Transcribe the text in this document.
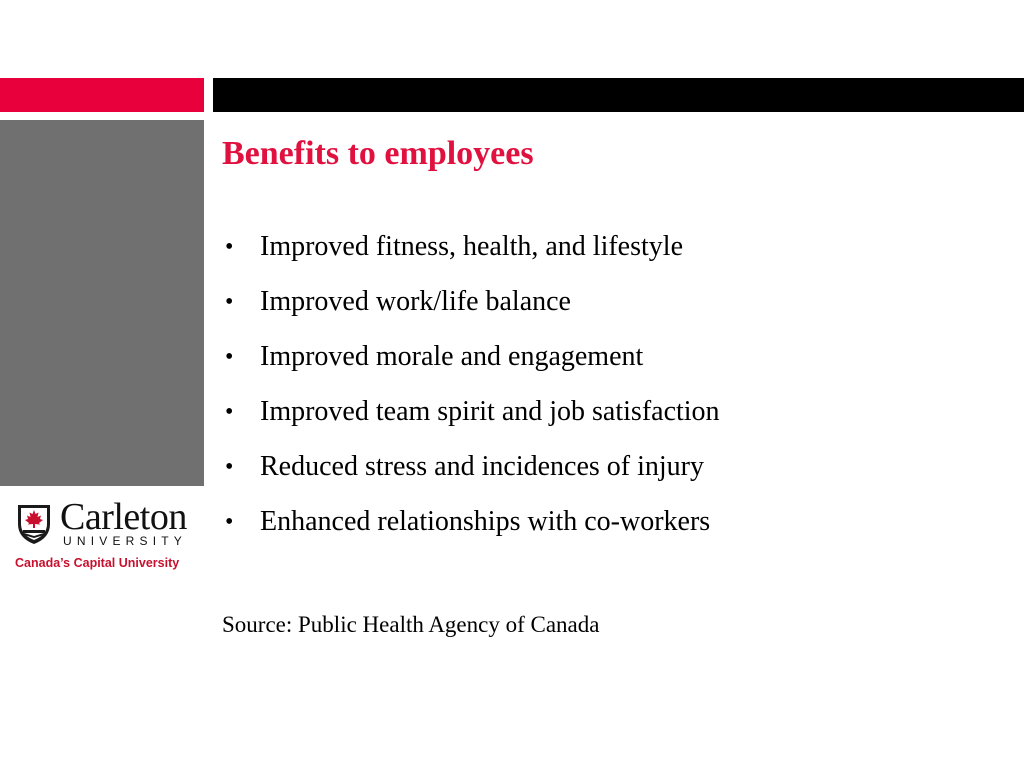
Benefits to employees
• Improved fitness, health, and lifestyle
• Improved work/life balance
• Improved morale and engagement
• Improved team spirit and job satisfaction
• Reduced stress and incidences of injury
• Enhanced relationships with co-workers

Source: Public Health Agency of Canada

Carleton
UNIVERSITY
Canada’s Capital University
